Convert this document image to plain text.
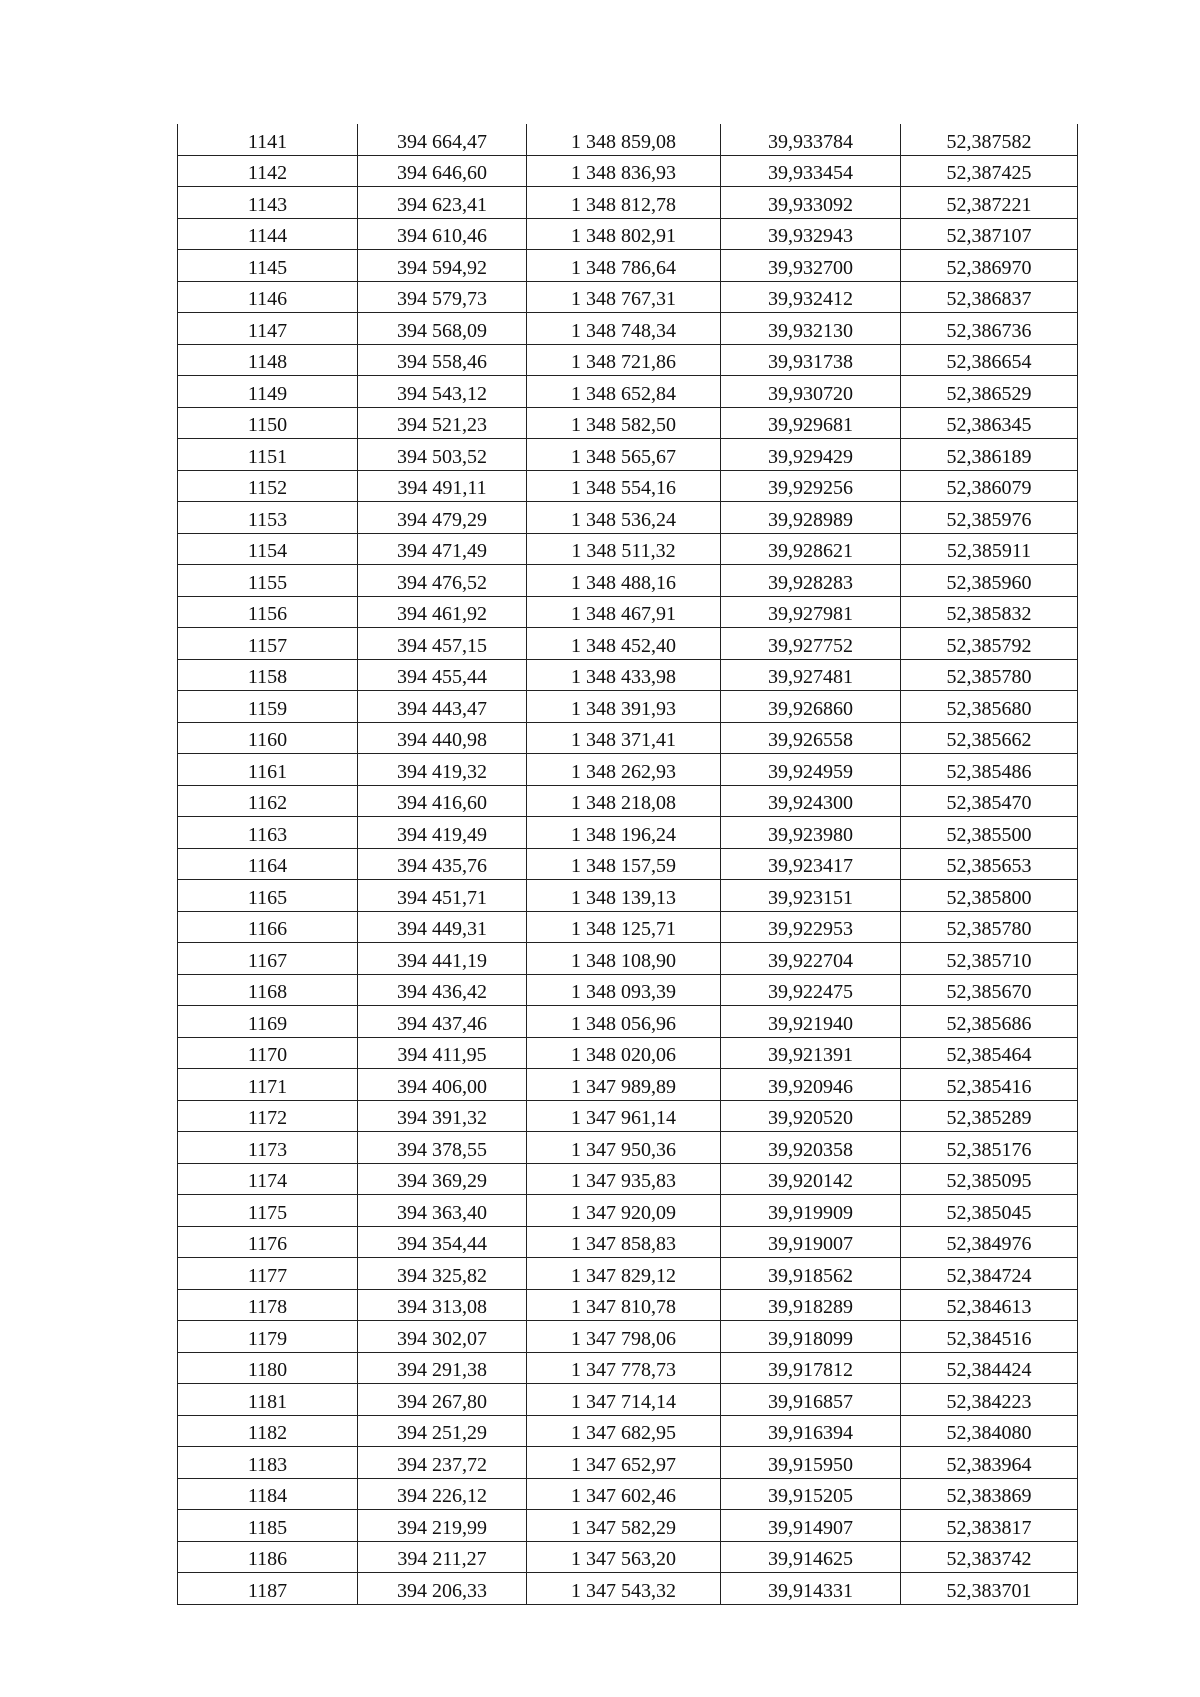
1141	394 664,47	1 348 859,08	39,933784	52,387582
1142	394 646,60	1 348 836,93	39,933454	52,387425
1143	394 623,41	1 348 812,78	39,933092	52,387221
1144	394 610,46	1 348 802,91	39,932943	52,387107
1145	394 594,92	1 348 786,64	39,932700	52,386970
1146	394 579,73	1 348 767,31	39,932412	52,386837
1147	394 568,09	1 348 748,34	39,932130	52,386736
1148	394 558,46	1 348 721,86	39,931738	52,386654
1149	394 543,12	1 348 652,84	39,930720	52,386529
1150	394 521,23	1 348 582,50	39,929681	52,386345
1151	394 503,52	1 348 565,67	39,929429	52,386189
1152	394 491,11	1 348 554,16	39,929256	52,386079
1153	394 479,29	1 348 536,24	39,928989	52,385976
1154	394 471,49	1 348 511,32	39,928621	52,385911
1155	394 476,52	1 348 488,16	39,928283	52,385960
1156	394 461,92	1 348 467,91	39,927981	52,385832
1157	394 457,15	1 348 452,40	39,927752	52,385792
1158	394 455,44	1 348 433,98	39,927481	52,385780
1159	394 443,47	1 348 391,93	39,926860	52,385680
1160	394 440,98	1 348 371,41	39,926558	52,385662
1161	394 419,32	1 348 262,93	39,924959	52,385486
1162	394 416,60	1 348 218,08	39,924300	52,385470
1163	394 419,49	1 348 196,24	39,923980	52,385500
1164	394 435,76	1 348 157,59	39,923417	52,385653
1165	394 451,71	1 348 139,13	39,923151	52,385800
1166	394 449,31	1 348 125,71	39,922953	52,385780
1167	394 441,19	1 348 108,90	39,922704	52,385710
1168	394 436,42	1 348 093,39	39,922475	52,385670
1169	394 437,46	1 348 056,96	39,921940	52,385686
1170	394 411,95	1 348 020,06	39,921391	52,385464
1171	394 406,00	1 347 989,89	39,920946	52,385416
1172	394 391,32	1 347 961,14	39,920520	52,385289
1173	394 378,55	1 347 950,36	39,920358	52,385176
1174	394 369,29	1 347 935,83	39,920142	52,385095
1175	394 363,40	1 347 920,09	39,919909	52,385045
1176	394 354,44	1 347 858,83	39,919007	52,384976
1177	394 325,82	1 347 829,12	39,918562	52,384724
1178	394 313,08	1 347 810,78	39,918289	52,384613
1179	394 302,07	1 347 798,06	39,918099	52,384516
1180	394 291,38	1 347 778,73	39,917812	52,384424
1181	394 267,80	1 347 714,14	39,916857	52,384223
1182	394 251,29	1 347 682,95	39,916394	52,384080
1183	394 237,72	1 347 652,97	39,915950	52,383964
1184	394 226,12	1 347 602,46	39,915205	52,383869
1185	394 219,99	1 347 582,29	39,914907	52,383817
1186	394 211,27	1 347 563,20	39,914625	52,383742
1187	394 206,33	1 347 543,32	39,914331	52,383701
